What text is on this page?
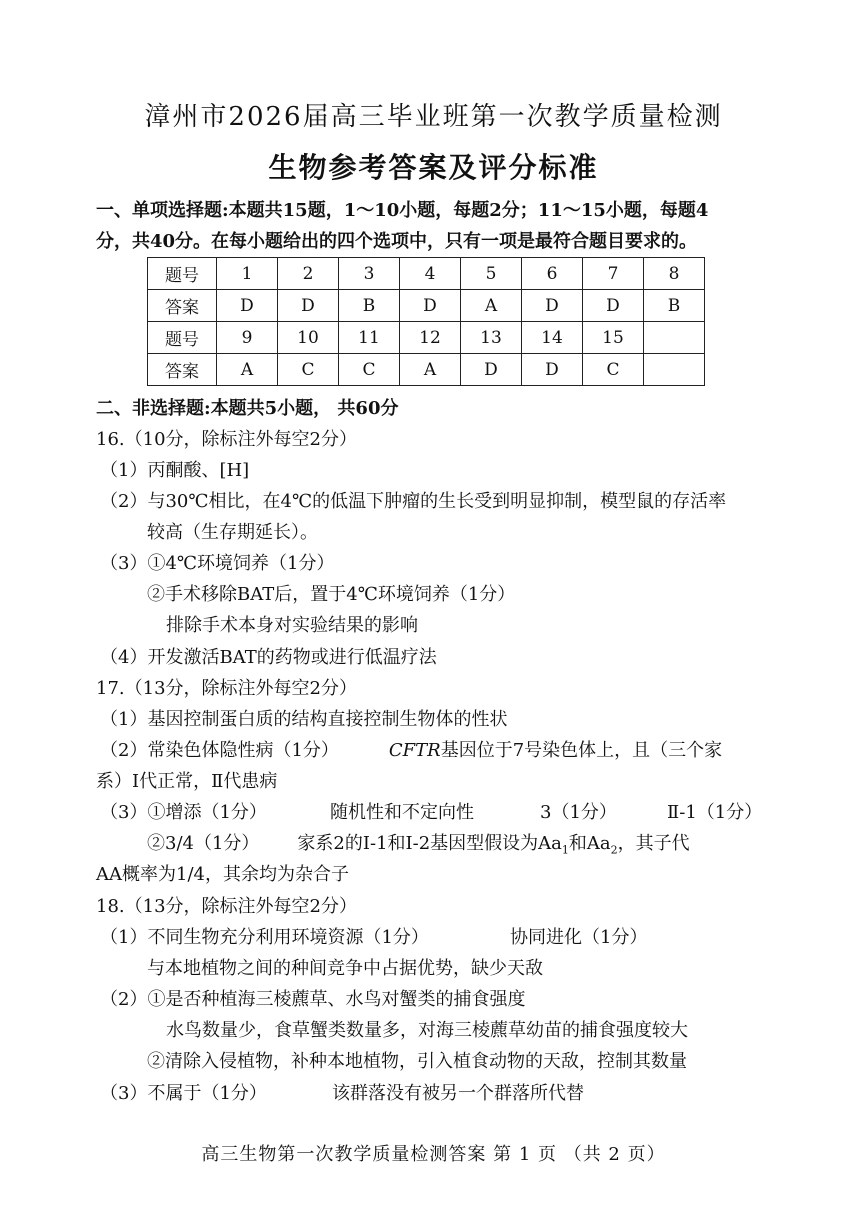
漳州市2026届高三毕业班第一次教学质量检测
生物参考答案及评分标准
一、单项选择题:本题共15题，1～10小题，每题2分；11～15小题，每题4
分，共40分。在每小题给出的四个选项中，只有一项是最符合题目要求的。
题号	1	2	3	4	5	6	7	8
答案	D	D	B	D	A	D	D	B
题号	9	10	11	12	13	14	15	
答案	A	C	C	A	D	D	C	
二、非选择题:本题共5小题， 共60分
16.（10分，除标注外每空2分）
（1）丙酮酸、[H]
（2）与30℃相比，在4℃的低温下肿瘤的生长受到明显抑制，模型鼠的存活率
较高（生存期延长）。
（3）①4℃环境饲养（1分）
②手术移除BAT后，置于4℃环境饲养（1分）
排除手术本身对实验结果的影响
（4）开发激活BAT的药物或进行低温疗法
17.（13分，除标注外每空2分）
（1）基因控制蛋白质的结构直接控制生物体的性状
（2）常染色体隐性病（1分）	CFTR基因位于7号染色体上，且（三个家
系）Ⅰ代正常，Ⅱ代患病
（3）①增添（1分）	随机性和不定向性	3（1分）	Ⅱ-1（1分）
②3/4（1分） 家系2的Ⅰ-1和Ⅰ-2基因型假设为$Aa_1$和$Aa_2$，其子代
AA概率为1/4，其余均为杂合子
18.（13分，除标注外每空2分）
（1）不同生物充分利用环境资源（1分）	协同进化（1分）
与本地植物之间的种间竞争中占据优势，缺少天敌
（2）①是否种植海三棱藨草、水鸟对蟹类的捕食强度
水鸟数量少，食草蟹类数量多，对海三棱藨草幼苗的捕食强度较大
②清除入侵植物，补种本地植物，引入植食动物的天敌，控制其数量
（3）不属于（1分）	该群落没有被另一个群落所代替
高三生物第一次教学质量检测答案 第 1 页 （共 2 页）
